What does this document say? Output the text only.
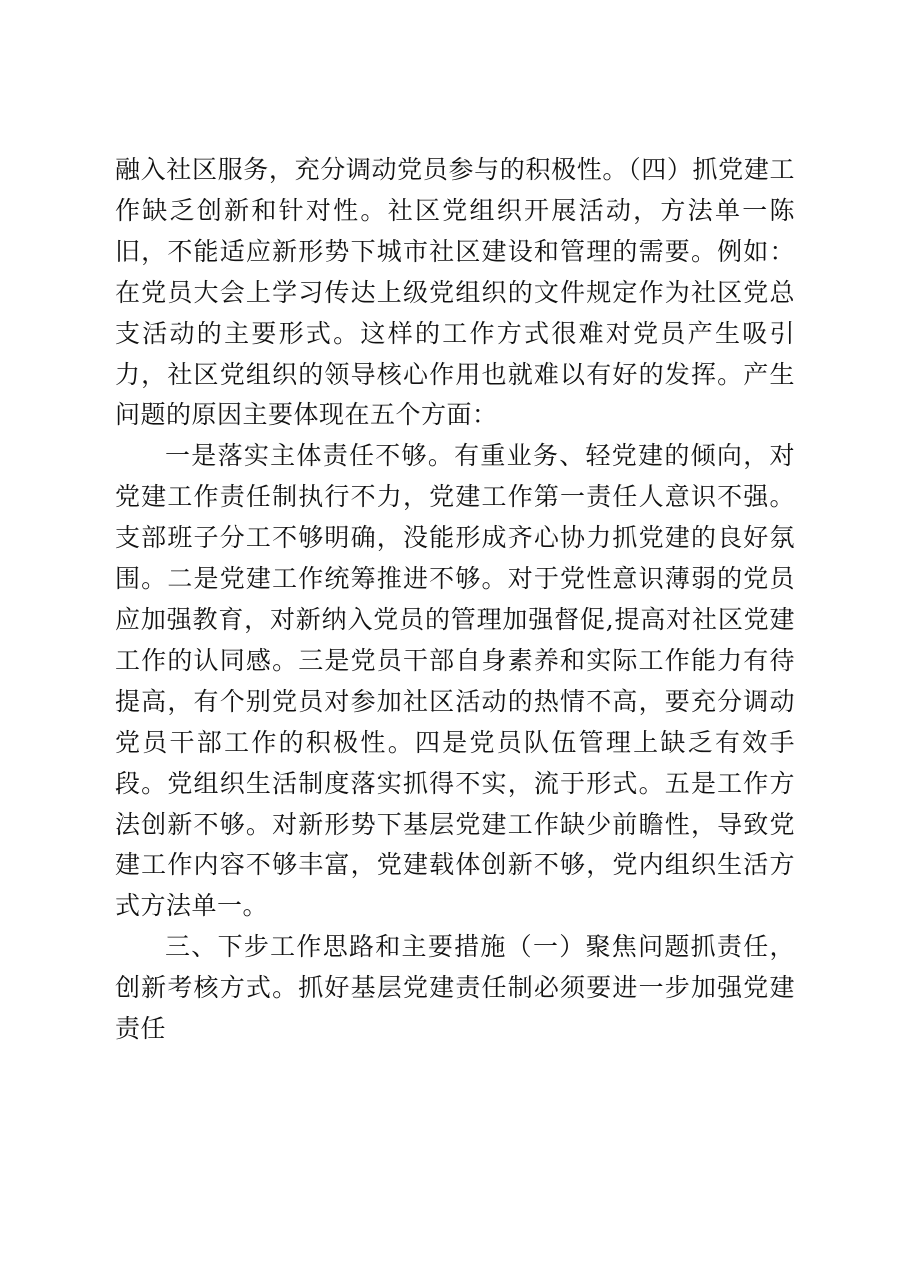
融入社区服务，充分调动党员参与的积极性。（四）抓党建工作缺乏创新和针对性。社区党组织开展活动，方法单一陈旧，不能适应新形势下城市社区建设和管理的需要。例如：在党员大会上学习传达上级党组织的文件规定作为社区党总支活动的主要形式。这样的工作方式很难对党员产生吸引力，社区党组织的领导核心作用也就难以有好的发挥。产生问题的原因主要体现在五个方面：

一是落实主体责任不够。有重业务、轻党建的倾向，对党建工作责任制执行不力，党建工作第一责任人意识不强。支部班子分工不够明确，没能形成齐心协力抓党建的良好氛围。二是党建工作统筹推进不够。对于党性意识薄弱的党员应加强教育，对新纳入党员的管理加强督促,提高对社区党建工作的认同感。三是党员干部自身素养和实际工作能力有待提高，有个别党员对参加社区活动的热情不高，要充分调动党员干部工作的积极性。四是党员队伍管理上缺乏有效手段。党组织生活制度落实抓得不实，流于形式。五是工作方法创新不够。对新形势下基层党建工作缺少前瞻性，导致党建工作内容不够丰富，党建载体创新不够，党内组织生活方式方法单一。

三、下步工作思路和主要措施（一）聚焦问题抓责任，创新考核方式。抓好基层党建责任制必须要进一步加强党建责任
